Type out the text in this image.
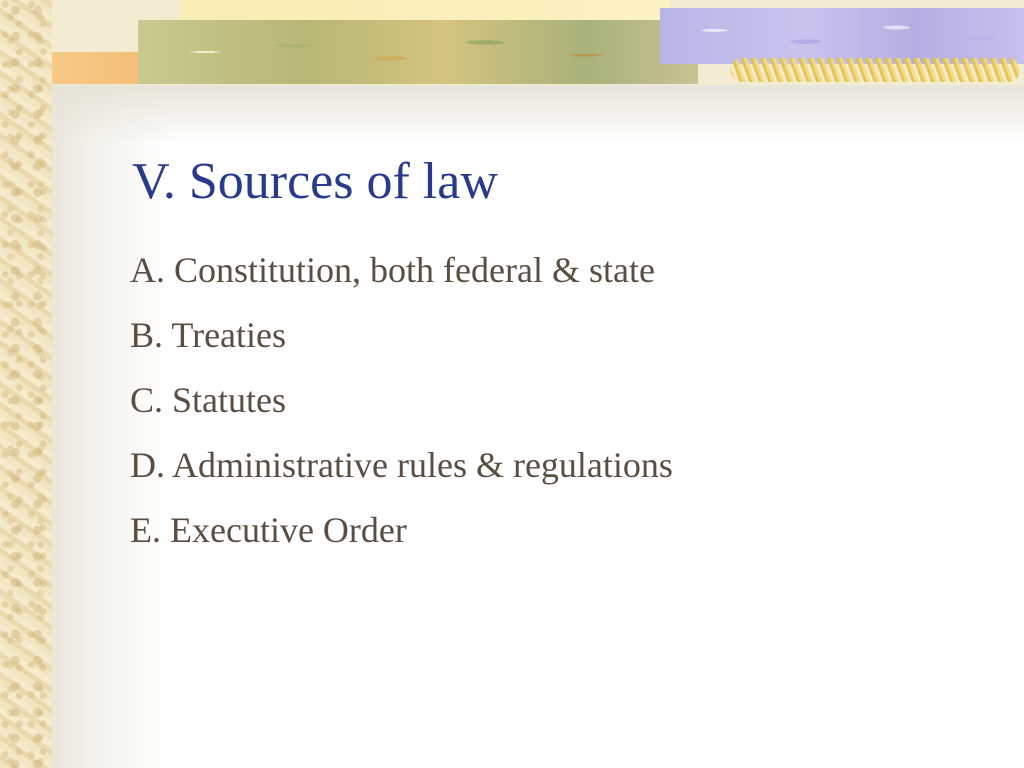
V. Sources of law
A. Constitution, both federal & state
B. Treaties
C. Statutes
D. Administrative rules & regulations
E. Executive Order
